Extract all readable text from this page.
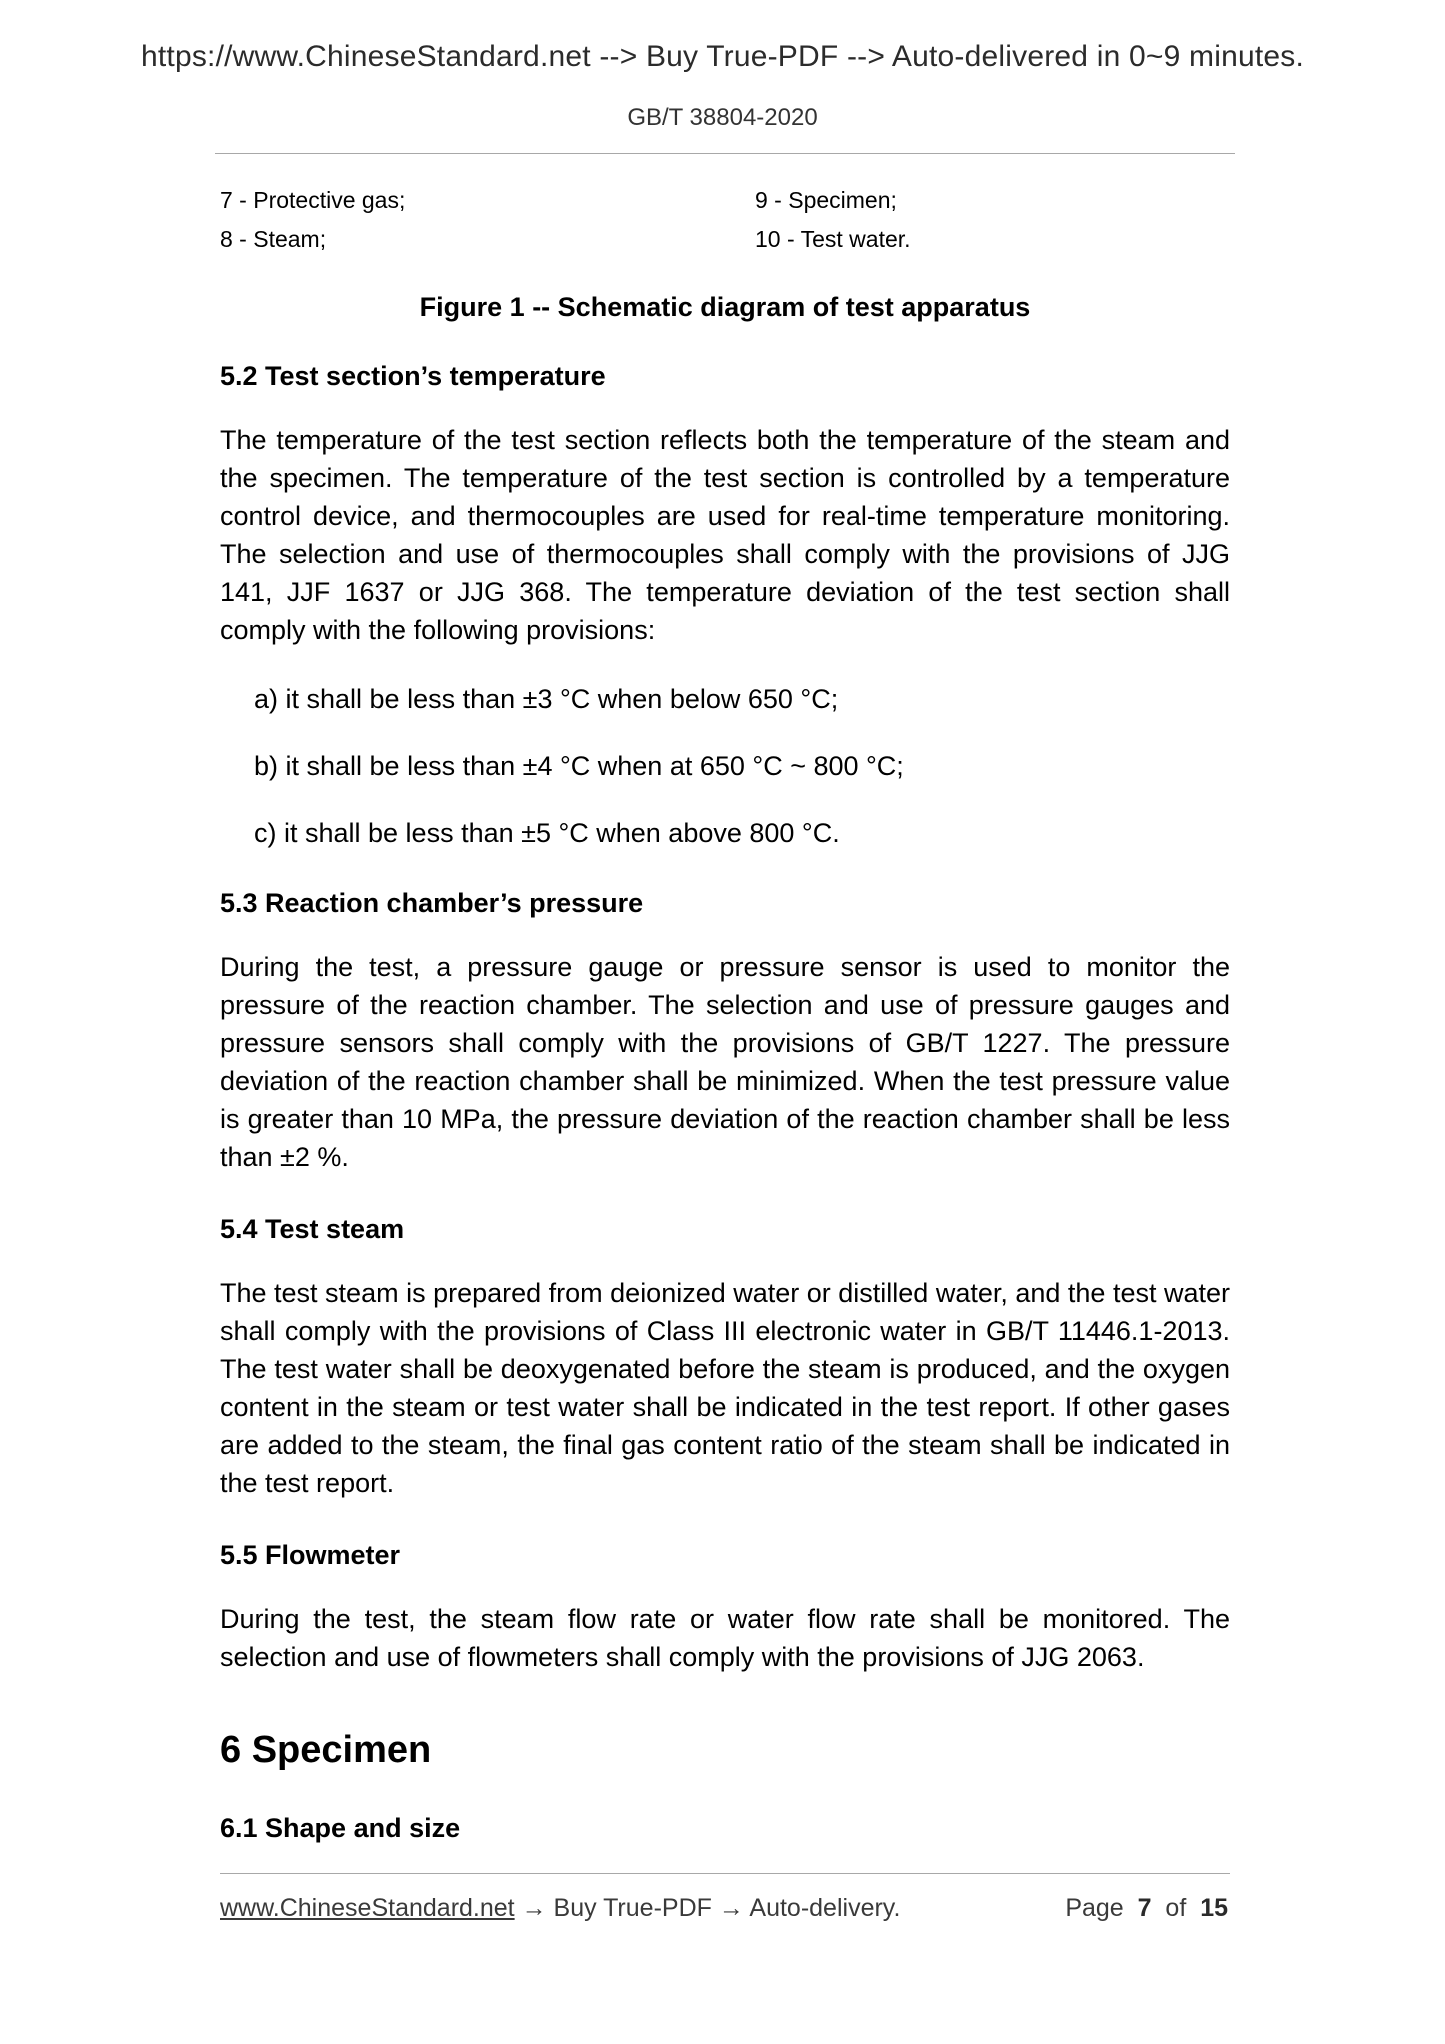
https://www.ChineseStandard.net --> Buy True-PDF --> Auto-delivered in 0~9 minutes.
GB/T 38804-2020
7 - Protective gas;	9 - Specimen;
8 - Steam;	10 - Test water.
Figure 1 -- Schematic diagram of test apparatus
5.2 Test section’s temperature

The temperature of the test section reflects both the temperature of the steam and the specimen. The temperature of the test section is controlled by a temperature control device, and thermocouples are used for real-time temperature monitoring. The selection and use of thermocouples shall comply with the provisions of JJG 141, JJF 1637 or JJG 368. The temperature deviation of the test section shall comply with the following provisions:

a) it shall be less than ±3 °C when below 650 °C;
b) it shall be less than ±4 °C when at 650 °C ~ 800 °C;
c) it shall be less than ±5 °C when above 800 °C.
5.3 Reaction chamber’s pressure

During the test, a pressure gauge or pressure sensor is used to monitor the pressure of the reaction chamber. The selection and use of pressure gauges and pressure sensors shall comply with the provisions of GB/T 1227. The pressure deviation of the reaction chamber shall be minimized. When the test pressure value is greater than 10 MPa, the pressure deviation of the reaction chamber shall be less than ±2 %.

5.4 Test steam

The test steam is prepared from deionized water or distilled water, and the test water shall comply with the provisions of Class III electronic water in GB/T 11446.1-2013. The test water shall be deoxygenated before the steam is produced, and the oxygen content in the steam or test water shall be indicated in the test report. If other gases are added to the steam, the final gas content ratio of the steam shall be indicated in the test report.

5.5 Flowmeter

During the test, the steam flow rate or water flow rate shall be monitored. The selection and use of flowmeters shall comply with the provisions of JJG 2063.

6 Specimen
6.1 Shape and size
www.ChineseStandard.net → Buy True-PDF → Auto-delivery.	Page 7 of 15
